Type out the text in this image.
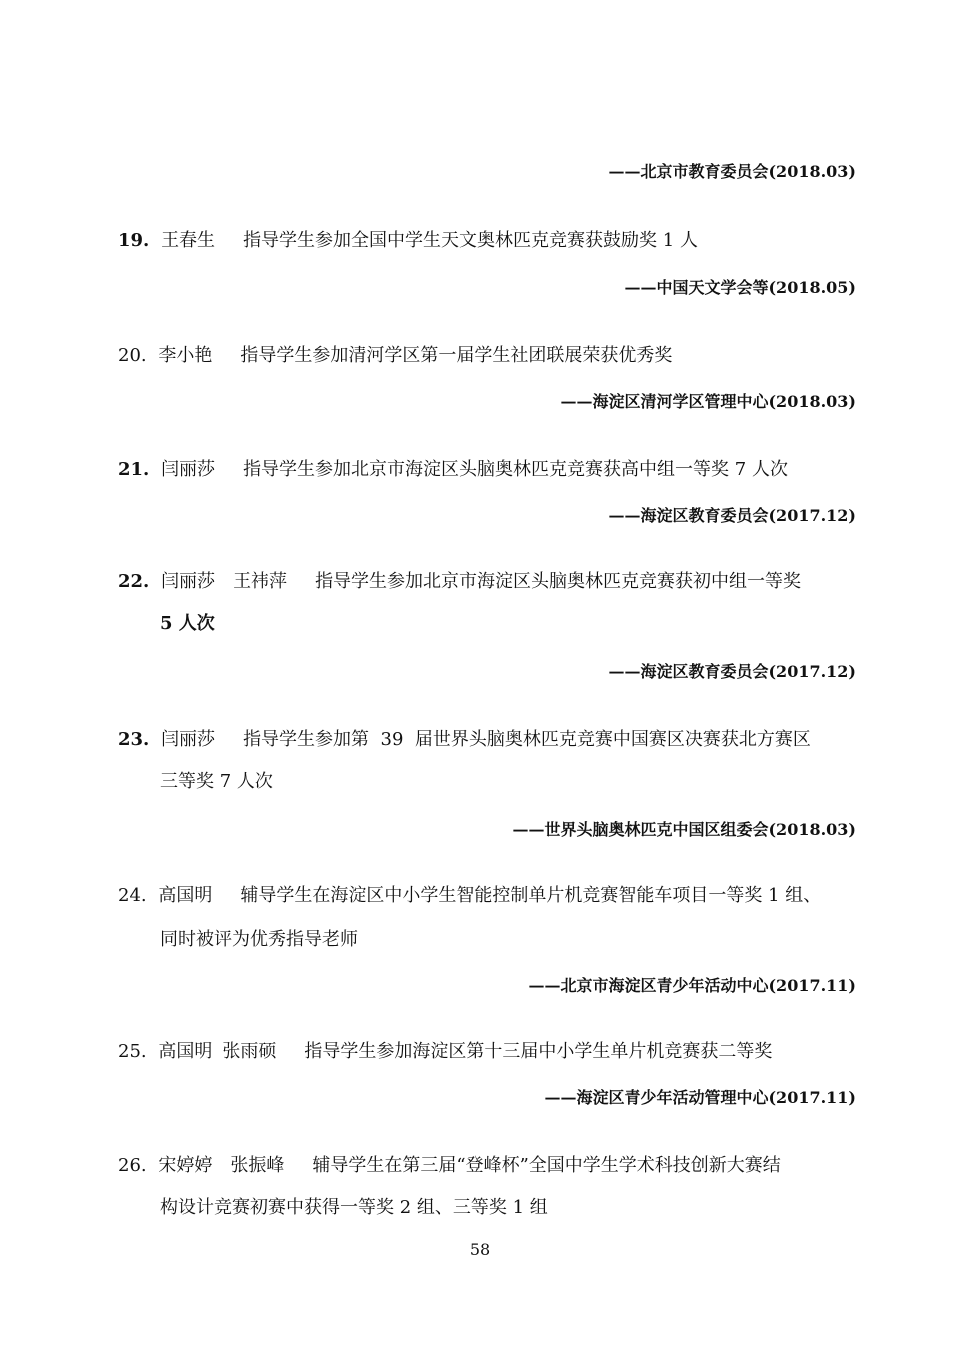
——北京市教育委员会(2018.03)
19. 王春生 指导学生参加全国中学生天文奥林匹克竞赛获鼓励奖 1 人
——中国天文学会等(2018.05)
20. 李小艳 指导学生参加清河学区第一届学生社团联展荣获优秀奖
——海淀区清河学区管理中心(2018.03)
21. 闫丽莎 指导学生参加北京市海淀区头脑奥林匹克竞赛获高中组一等奖 7 人次
——海淀区教育委员会(2017.12)
22. 闫丽莎 王祎萍 指导学生参加北京市海淀区头脑奥林匹克竞赛获初中组一等奖
5 人次
——海淀区教育委员会(2017.12)
23. 闫丽莎 指导学生参加第  39  届世界头脑奥林匹克竞赛中国赛区决赛获北方赛区
三等奖 7 人次
——世界头脑奥林匹克中国区组委会(2018.03)
24. 高国明 辅导学生在海淀区中小学生智能控制单片机竞赛智能车项目一等奖 1 组、
同时被评为优秀指导老师
——北京市海淀区青少年活动中心(2017.11)
25. 高国明 张雨硕 指导学生参加海淀区第十三届中小学生单片机竞赛获二等奖
——海淀区青少年活动管理中心(2017.11)
26. 宋婷婷 张振峰 辅导学生在第三届“登峰杯”全国中学生学术科技创新大赛结
构设计竞赛初赛中获得一等奖 2 组、三等奖 1 组
58
